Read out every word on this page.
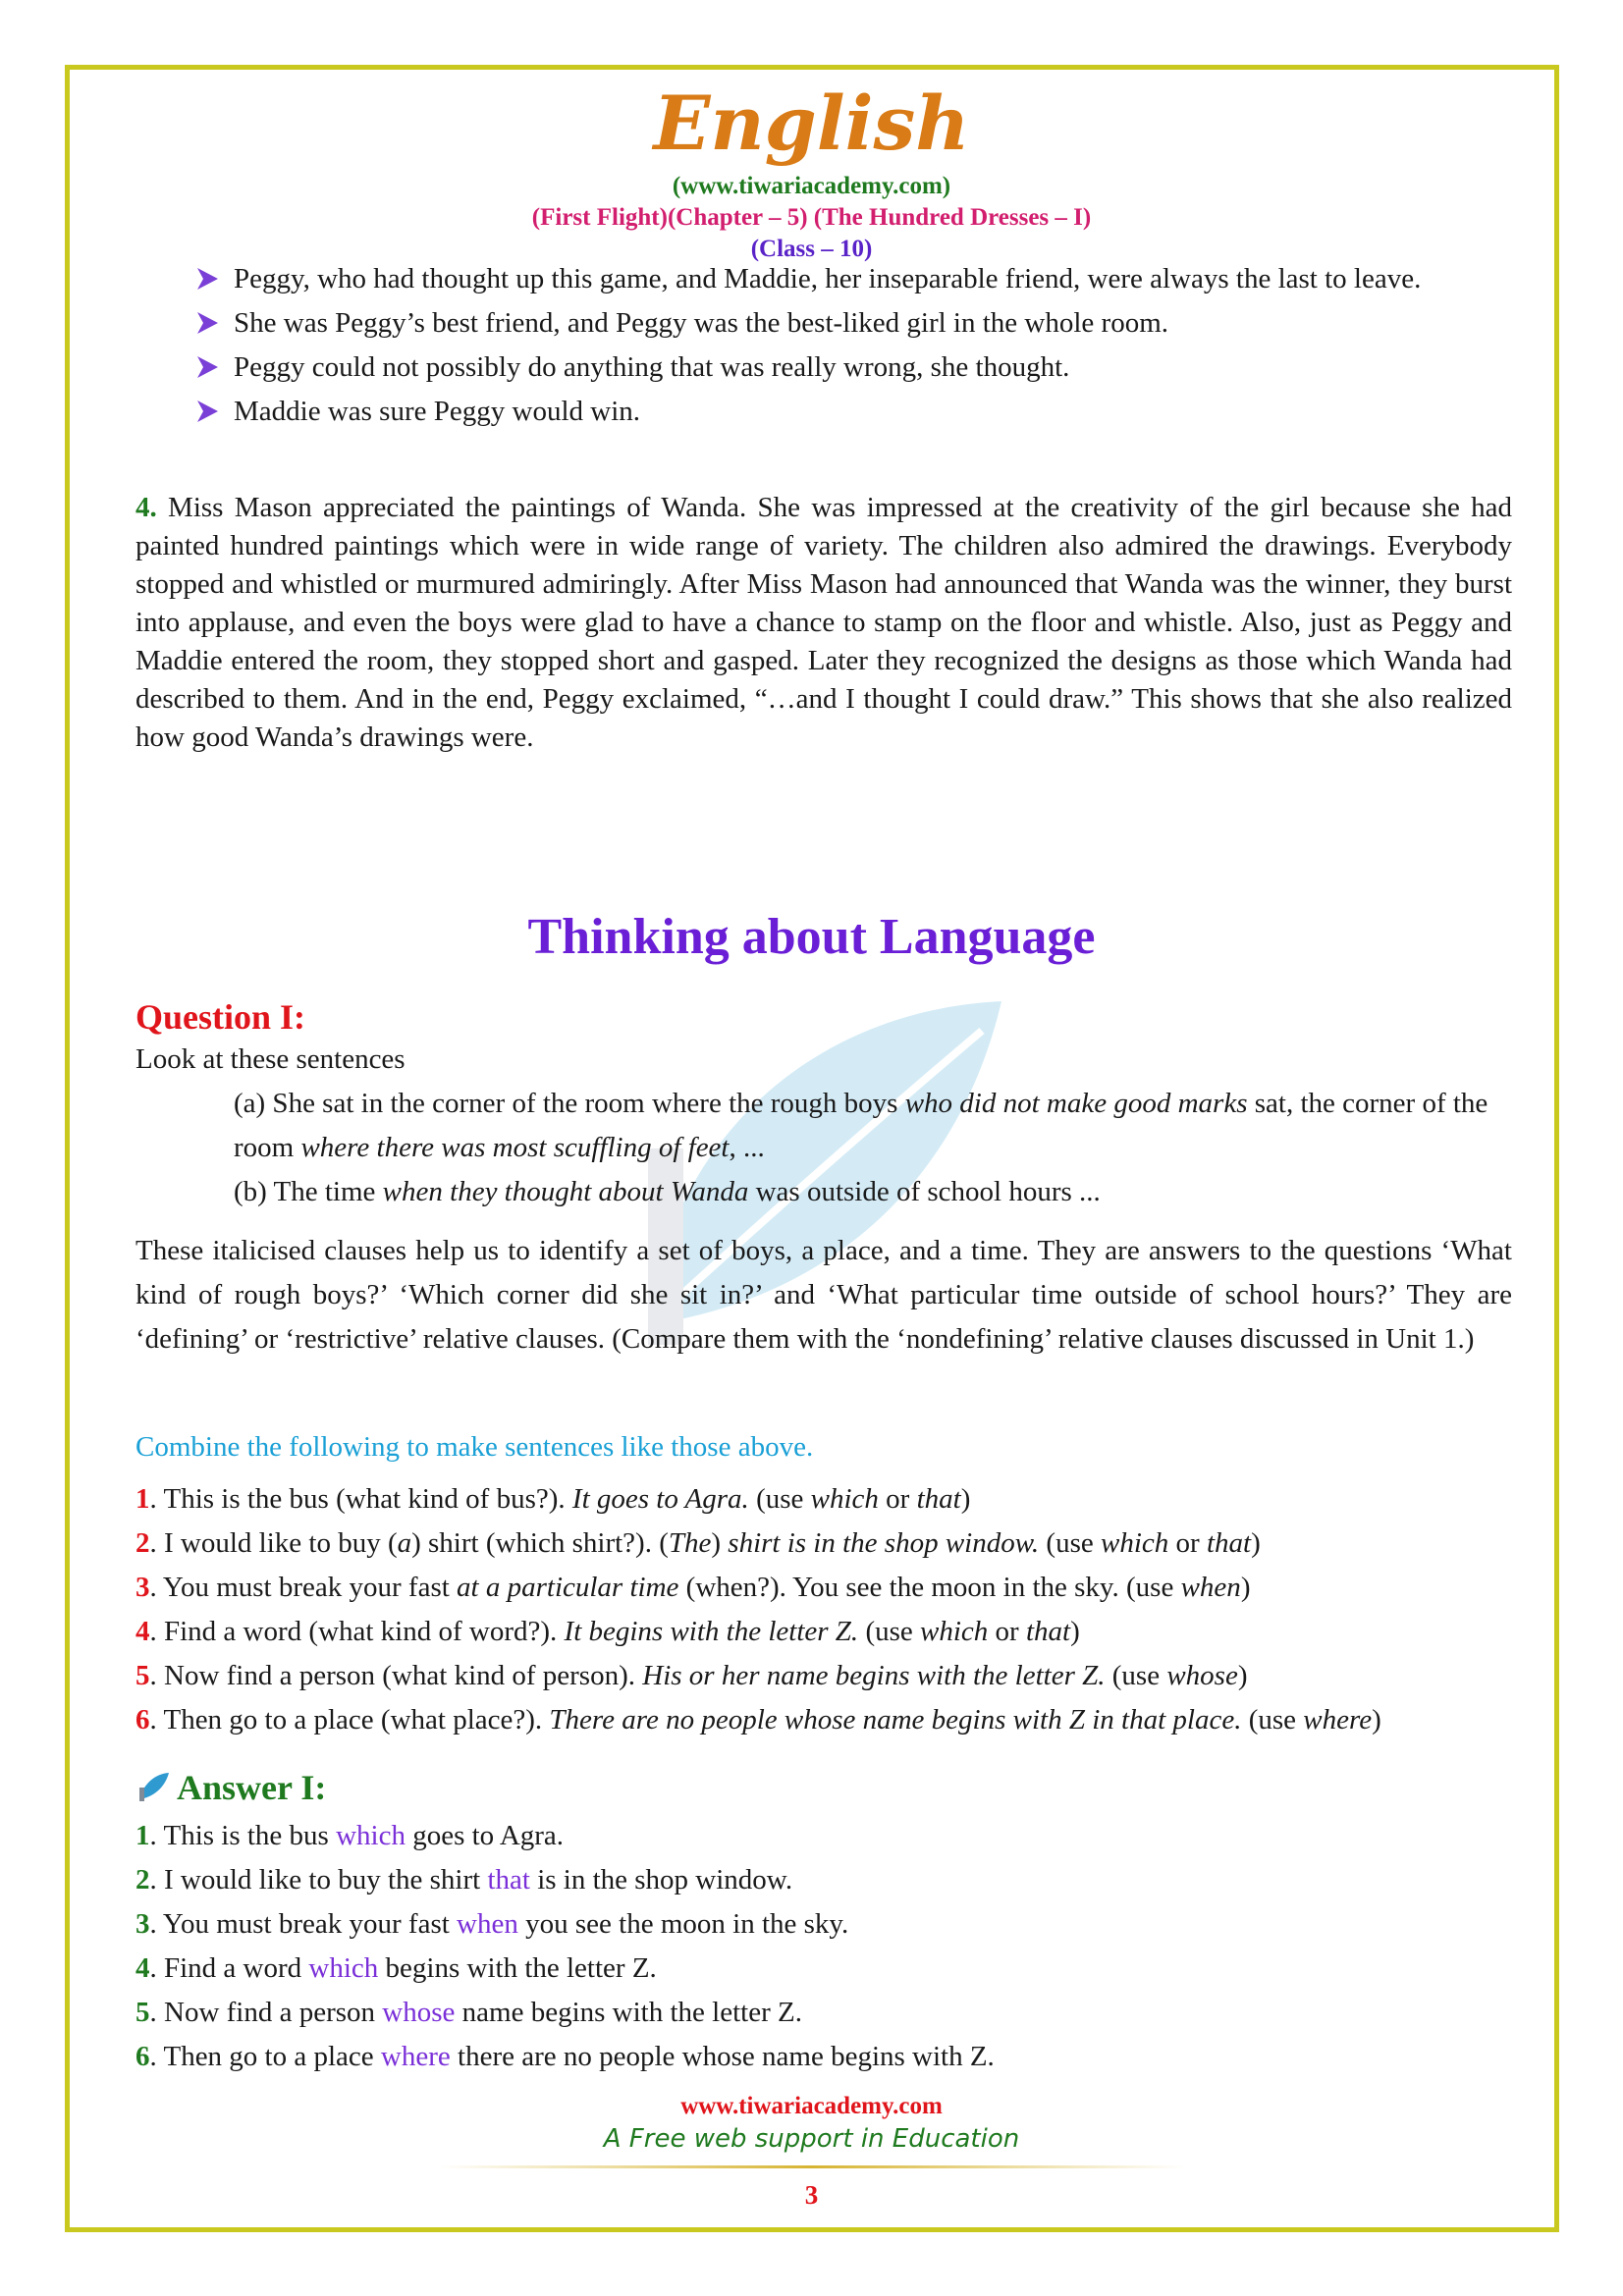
English
(www.tiwariacademy.com)
(First Flight)(Chapter – 5) (The Hundred Dresses – I)
(Class – 10)
Peggy, who had thought up this game, and Maddie, her inseparable friend, were always the last to leave.
She was Peggy’s best friend, and Peggy was the best-liked girl in the whole room.
Peggy could not possibly do anything that was really wrong, she thought.
Maddie was sure Peggy would win.
4. Miss Mason appreciated the paintings of Wanda. She was impressed at the creativity of the girl because she had painted hundred paintings which were in wide range of variety. The children also admired the drawings. Everybody stopped and whistled or murmured admiringly. After Miss Mason had announced that Wanda was the winner, they burst into applause, and even the boys were glad to have a chance to stamp on the floor and whistle. Also, just as Peggy and Maddie entered the room, they stopped short and gasped. Later they recognized the designs as those which Wanda had described to them. And in the end, Peggy exclaimed, “…and I thought I could draw.” This shows that she also realized how good Wanda’s drawings were.
Thinking about Language
Question I:
Look at these sentences
(a) She sat in the corner of the room where the rough boys who did not make good marks sat, the corner of the room where there was most scuffling of feet, ...
(b) The time when they thought about Wanda was outside of school hours ...
These italicised clauses help us to identify a set of boys, a place, and a time. They are answers to the questions ‘What kind of rough boys?’ ‘Which corner did she sit in?’ and ‘What particular time outside of school hours?’ They are ‘defining’ or ‘restrictive’ relative clauses. (Compare them with the ‘nondefining’ relative clauses discussed in Unit 1.)
Combine the following to make sentences like those above.
1. This is the bus (what kind of bus?). It goes to Agra. (use which or that)
2. I would like to buy (a) shirt (which shirt?). (The) shirt is in the shop window. (use which or that)
3. You must break your fast at a particular time (when?). You see the moon in the sky. (use when)
4. Find a word (what kind of word?). It begins with the letter Z. (use which or that)
5. Now find a person (what kind of person). His or her name begins with the letter Z. (use whose)
6. Then go to a place (what place?). There are no people whose name begins with Z in that place. (use where)
Answer I:
1. This is the bus which goes to Agra.
2. I would like to buy the shirt that is in the shop window.
3. You must break your fast when you see the moon in the sky.
4. Find a word which begins with the letter Z.
5. Now find a person whose name begins with the letter Z.
6. Then go to a place where there are no people whose name begins with Z.
www.tiwariacademy.com
A Free web support in Education
3
